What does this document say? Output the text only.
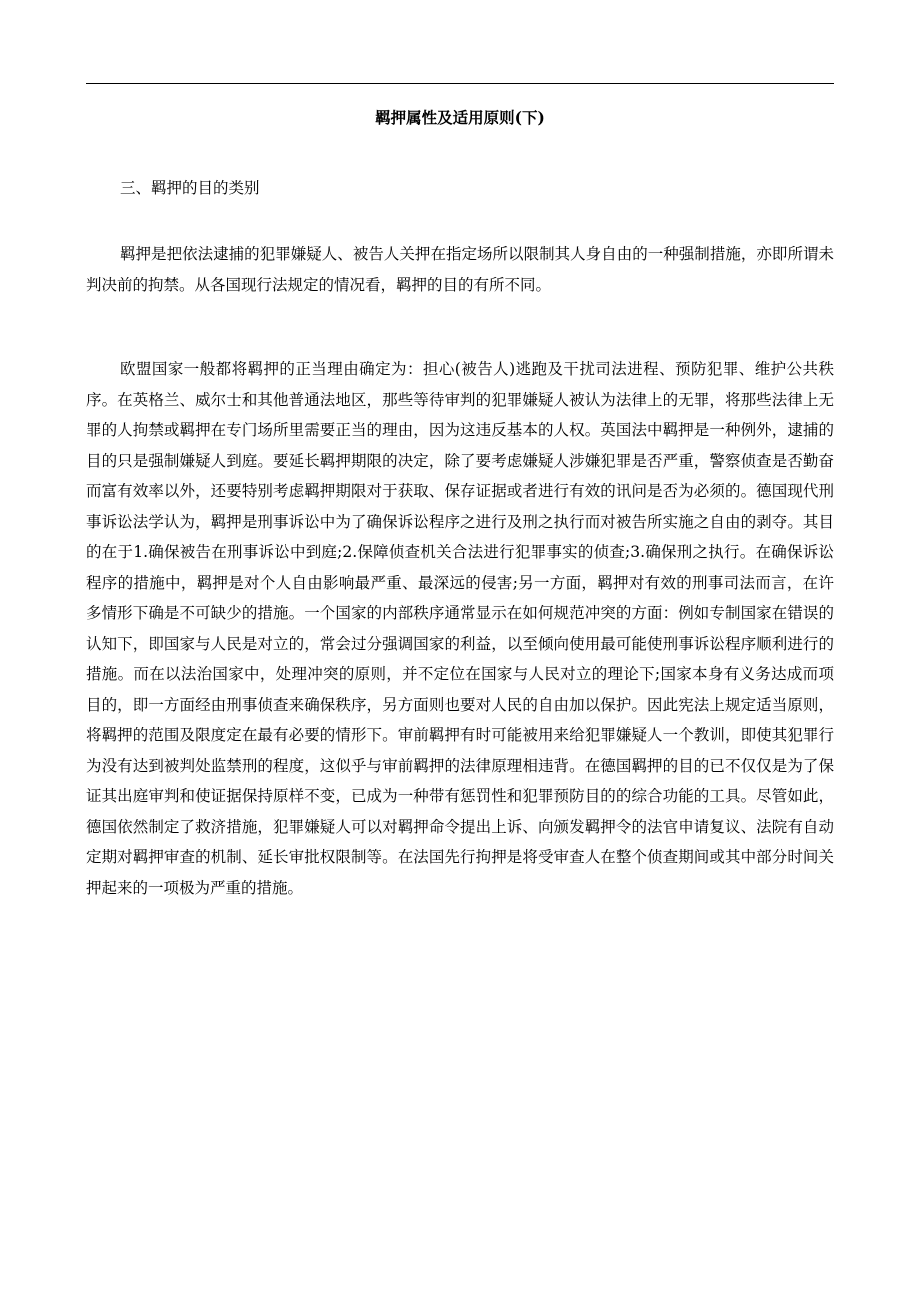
羁押属性及适用原则(下)

三、羁押的目的类别

羁押是把依法逮捕的犯罪嫌疑人、被告人关押在指定场所以限制其人身自由的一种强制措施，亦即所谓未判决前的拘禁。从各国现行法规定的情况看，羁押的目的有所不同。

欧盟国家一般都将羁押的正当理由确定为：担心(被告人)逃跑及干扰司法进程、预防犯罪、维护公共秩序。在英格兰、威尔士和其他普通法地区，那些等待审判的犯罪嫌疑人被认为法律上的无罪，将那些法律上无罪的人拘禁或羁押在专门场所里需要正当的理由，因为这违反基本的人权。英国法中羁押是一种例外，逮捕的目的只是强制嫌疑人到庭。要延长羁押期限的决定，除了要考虑嫌疑人涉嫌犯罪是否严重，警察侦查是否勤奋而富有效率以外，还要特别考虑羁押期限对于获取、保存证据或者进行有效的讯问是否为必须的。德国现代刑事诉讼法学认为，羁押是刑事诉讼中为了确保诉讼程序之进行及刑之执行而对被告所实施之自由的剥夺。其目的在于1.确保被告在刑事诉讼中到庭;2.保障侦查机关合法进行犯罪事实的侦查;3.确保刑之执行。在确保诉讼程序的措施中，羁押是对个人自由影响最严重、最深远的侵害;另一方面，羁押对有效的刑事司法而言，在许多情形下确是不可缺少的措施。一个国家的内部秩序通常显示在如何规范冲突的方面：例如专制国家在错误的认知下，即国家与人民是对立的，常会过分强调国家的利益，以至倾向使用最可能使刑事诉讼程序顺利进行的措施。而在以法治国家中，处理冲突的原则，并不定位在国家与人民对立的理论下;国家本身有义务达成而项目的，即一方面经由刑事侦查来确保秩序，另方面则也要对人民的自由加以保护。因此宪法上规定适当原则，将羁押的范围及限度定在最有必要的情形下。审前羁押有时可能被用来给犯罪嫌疑人一个教训，即使其犯罪行为没有达到被判处监禁刑的程度，这似乎与审前羁押的法律原理相违背。在德国羁押的目的已不仅仅是为了保证其出庭审判和使证据保持原样不变，已成为一种带有惩罚性和犯罪预防目的的综合功能的工具。尽管如此，德国依然制定了救济措施，犯罪嫌疑人可以对羁押命令提出上诉、向颁发羁押令的法官申请复议、法院有自动定期对羁押审查的机制、延长审批权限制等。在法国先行拘押是将受审查人在整个侦查期间或其中部分时间关押起来的一项极为严重的措施。
